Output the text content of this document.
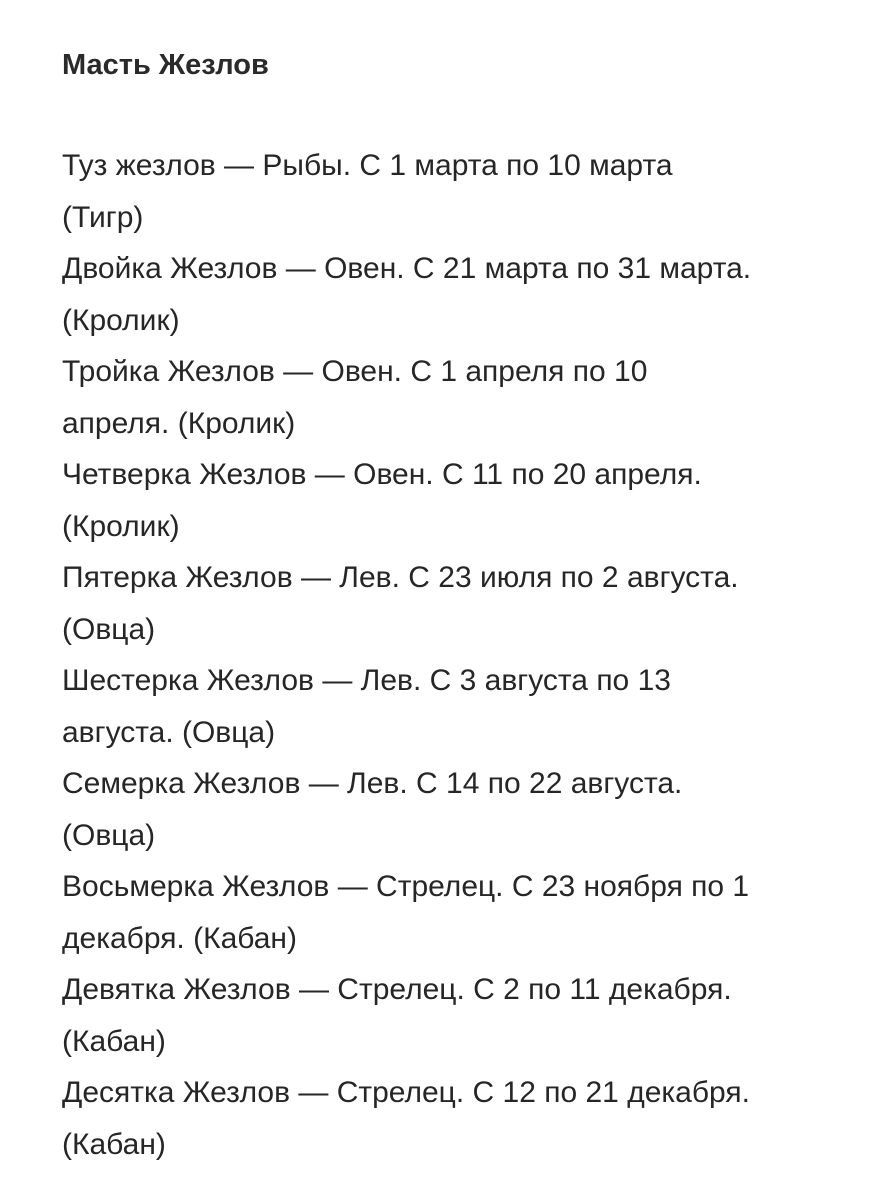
Масть Жезлов
Туз жезлов — Рыбы. С 1 марта по 10 марта
(Тигр)
Двойка Жезлов — Овен. С 21 марта по 31 марта.
(Кролик)
Тройка Жезлов — Овен. С 1 апреля по 10
апреля. (Кролик)
Четверка Жезлов — Овен. С 11 по 20 апреля.
(Кролик)
Пятерка Жезлов — Лев. С 23 июля по 2 августа.
(Овца)
Шестерка Жезлов — Лев. С 3 августа по 13
августа. (Овца)
Семерка Жезлов — Лев. С 14 по 22 августа.
(Овца)
Восьмерка Жезлов — Стрелец. С 23 ноября по 1
декабря. (Кабан)
Девятка Жезлов — Стрелец. С 2 по 11 декабря.
(Кабан)
Десятка Жезлов — Стрелец. С 12 по 21 декабря.
(Кабан)
